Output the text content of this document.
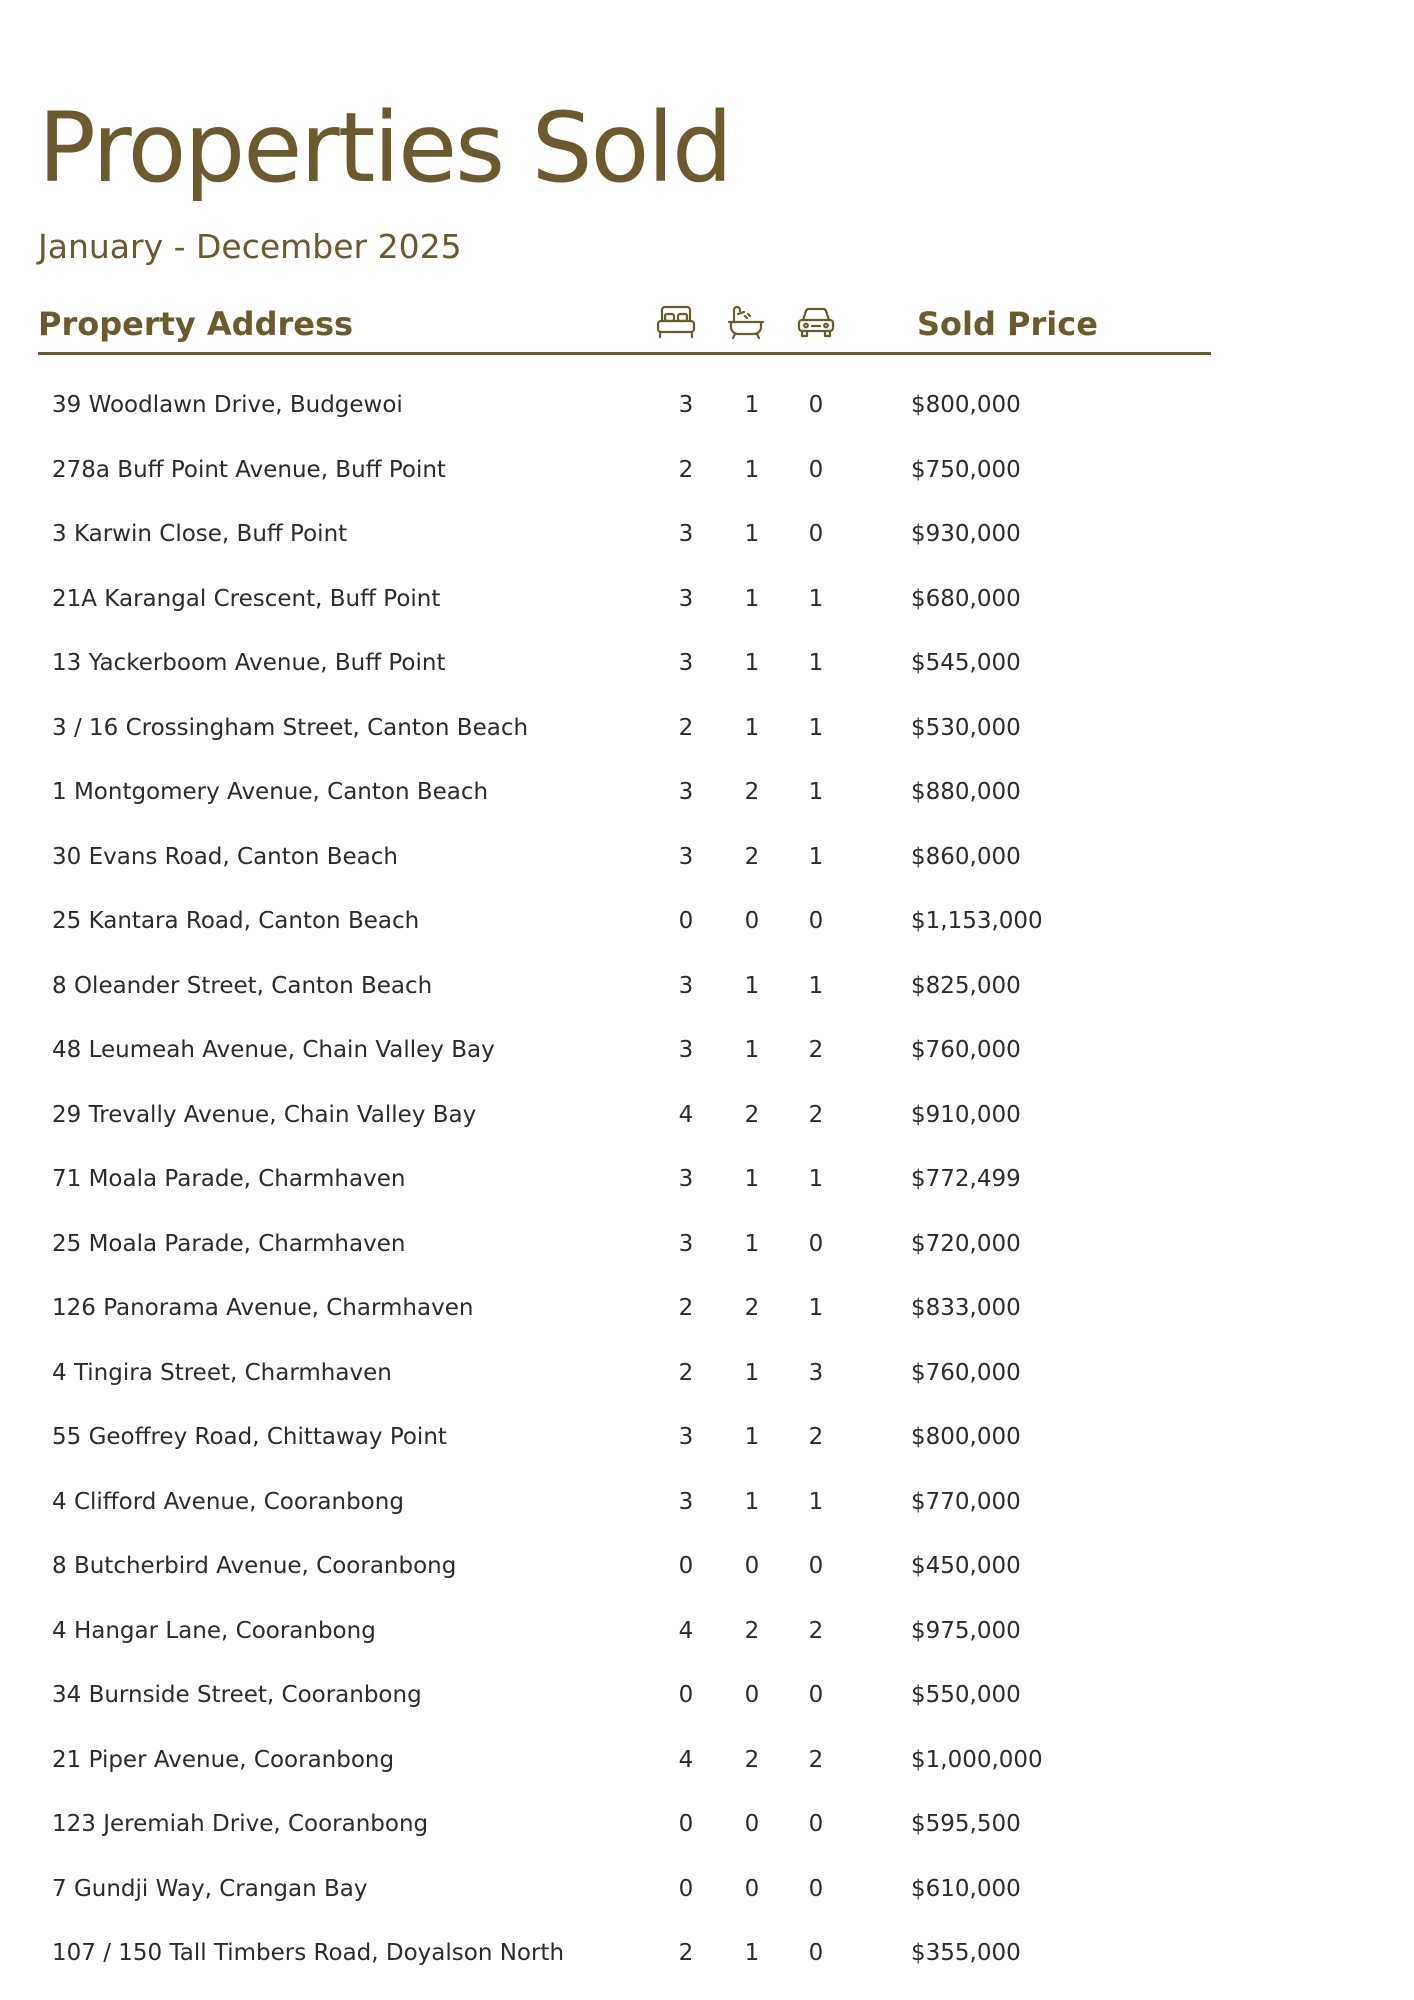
Properties Sold

January - December 2025

Property Address	Sold Price
39 Woodlawn Drive, Budgewoi	3 1 0	$800,000
278a Buff Point Avenue, Buff Point	2 1 0	$750,000
3 Karwin Close, Buff Point	3 1 0	$930,000
21A Karangal Crescent, Buff Point	3 1 1	$680,000
13 Yackerboom Avenue, Buff Point	3 1 1	$545,000
3 / 16 Crossingham Street, Canton Beach	2 1 1	$530,000
1 Montgomery Avenue, Canton Beach	3 2 1	$880,000
30 Evans Road, Canton Beach	3 2 1	$860,000
25 Kantara Road, Canton Beach	0 0 0	$1,153,000
8 Oleander Street, Canton Beach	3 1 1	$825,000
48 Leumeah Avenue, Chain Valley Bay	3 1 2	$760,000
29 Trevally Avenue, Chain Valley Bay	4 2 2	$910,000
71 Moala Parade, Charmhaven	3 1 1	$772,499
25 Moala Parade, Charmhaven	3 1 0	$720,000
126 Panorama Avenue, Charmhaven	2 2 1	$833,000
4 Tingira Street, Charmhaven	2 1 3	$760,000
55 Geoffrey Road, Chittaway Point	3 1 2	$800,000
4 Clifford Avenue, Cooranbong	3 1 1	$770,000
8 Butcherbird Avenue, Cooranbong	0 0 0	$450,000
4 Hangar Lane, Cooranbong	4 2 2	$975,000
34 Burnside Street, Cooranbong	0 0 0	$550,000
21 Piper Avenue, Cooranbong	4 2 2	$1,000,000
123 Jeremiah Drive, Cooranbong	0 0 0	$595,500
7 Gundji Way, Crangan Bay	0 0 0	$610,000
107 / 150 Tall Timbers Road, Doyalson North	2 1 0	$355,000
